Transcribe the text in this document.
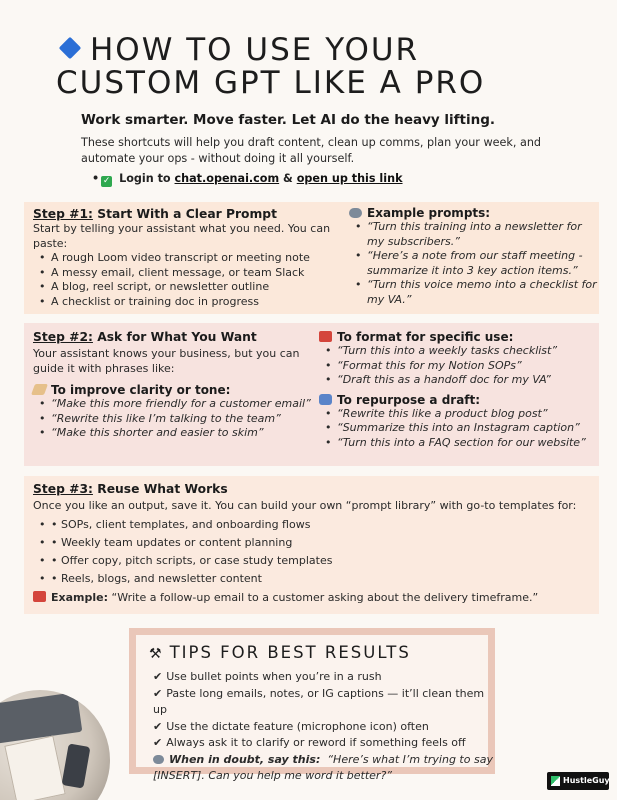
HOW TO USE YOUR
CUSTOM GPT LIKE A PRO
Work smarter. Move faster. Let AI do the heavy lifting.
These shortcuts will help you draft content, clean up comms, plan your week, and automate your ops - without doing it all yourself.
• ✓ Login to chat.openai.com & open up this link
Step #1: Start With a Clear Prompt
Start by telling your assistant what you need. You can paste:
• A rough Loom video transcript or meeting note
• A messy email, client message, or team Slack
• A blog, reel script, or newsletter outline
• A checklist or training doc in progress
Example prompts:
• “Turn this training into a newsletter for my subscribers.”
• “Here’s a note from our staff meeting - summarize it into 3 key action items.”
• “Turn this voice memo into a checklist for my VA.”
Step #2: Ask for What You Want
Your assistant knows your business, but you can guide it with phrases like:
To improve clarity or tone:
• “Make this more friendly for a customer email”
• “Rewrite this like I’m talking to the team”
• “Make this shorter and easier to skim”
To format for specific use:
• “Turn this into a weekly tasks checklist”
• “Format this for my Notion SOPs”
• “Draft this as a handoff doc for my VA”
To repurpose a draft:
• “Rewrite this like a product blog post”
• “Summarize this into an Instagram caption”
• “Turn this into a FAQ section for our website”
Step #3: Reuse What Works
Once you like an output, save it. You can build your own “prompt library” with go-to templates for:
• • SOPs, client templates, and onboarding flows
• • Weekly team updates or content planning
• • Offer copy, pitch scripts, or case study templates
• • Reels, blogs, and newsletter content
Example: “Write a follow-up email to a customer asking about the delivery timeframe.”
⚒ TIPS FOR BEST RESULTS
✔ Use bullet points when you’re in a rush
✔ Paste long emails, notes, or IG captions — it’ll clean them up
✔ Use the dictate feature (microphone icon) often
✔ Always ask it to clarify or reword if something feels off
When in doubt, say this: “Here’s what I’m trying to say [INSERT]. Can you help me word it better?”	HustleGuy
